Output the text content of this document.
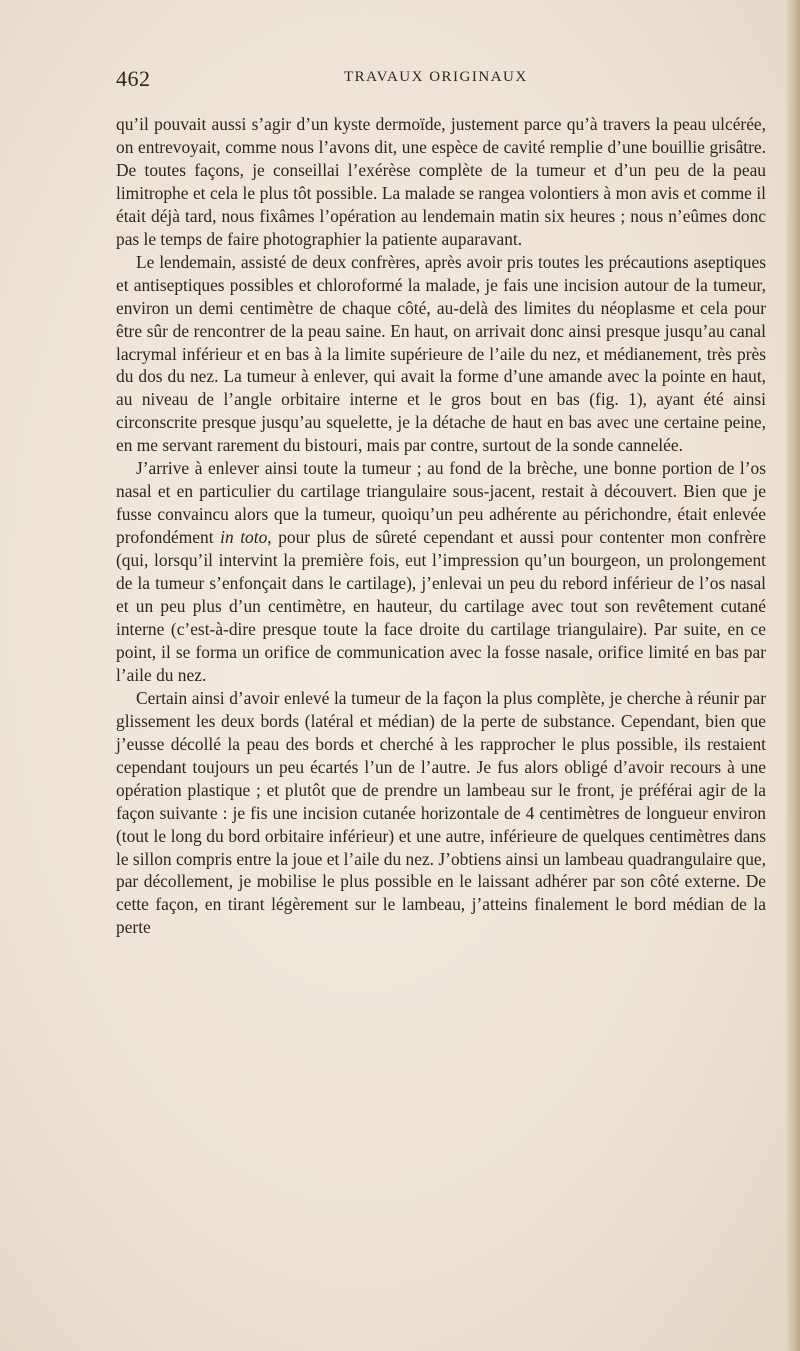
462	TRAVAUX ORIGINAUX

qu’il pouvait aussi s’agir d’un kyste dermoïde, justement parce qu’à travers la peau ulcérée, on entrevoyait, comme nous l’avons dit, une espèce de cavité remplie d’une bouillie grisâtre. De toutes façons, je conseillai l’exérèse complète de la tumeur et d’un peu de la peau limitrophe et cela le plus tôt possible. La malade se rangea volontiers à mon avis et comme il était déjà tard, nous fixâmes l’opération au lendemain matin six heures ; nous n’eûmes donc pas le temps de faire photographier la patiente auparavant.

Le lendemain, assisté de deux confrères, après avoir pris toutes les précautions aseptiques et antiseptiques possibles et chloroformé la malade, je fais une incision autour de la tumeur, environ un demi centimètre de chaque côté, au-delà des limites du néoplasme et cela pour être sûr de rencontrer de la peau saine. En haut, on arrivait donc ainsi presque jusqu’au canal lacrymal inférieur et en bas à la limite supérieure de l’aile du nez, et médianement, très près du dos du nez. La tumeur à enlever, qui avait la forme d’une amande avec la pointe en haut, au niveau de l’angle orbitaire interne et le gros bout en bas (fig. 1), ayant été ainsi circonscrite presque jusqu’au squelette, je la détache de haut en bas avec une certaine peine, en me servant rarement du bistouri, mais par contre, surtout de la sonde cannelée.

J’arrive à enlever ainsi toute la tumeur ; au fond de la brèche, une bonne portion de l’os nasal et en particulier du cartilage triangulaire sous-jacent, restait à découvert. Bien que je fusse convaincu alors que la tumeur, quoiqu’un peu adhérente au périchondre, était enlevée profondément in toto, pour plus de sûreté cependant et aussi pour contenter mon confrère (qui, lorsqu’il intervint la première fois, eut l’impression qu’un bourgeon, un prolongement de la tumeur s’enfonçait dans le cartilage), j’enlevai un peu du rebord inférieur de l’os nasal et un peu plus d’un centimètre, en hauteur, du cartilage avec tout son revêtement cutané interne (c’est-à-dire presque toute la face droite du cartilage triangulaire). Par suite, en ce point, il se forma un orifice de communication avec la fosse nasale, orifice limité en bas par l’aile du nez.

Certain ainsi d’avoir enlevé la tumeur de la façon la plus complète, je cherche à réunir par glissement les deux bords (latéral et médian) de la perte de substance. Cependant, bien que j’eusse décollé la peau des bords et cherché à les rapprocher le plus possible, ils restaient cependant toujours un peu écartés l’un de l’autre. Je fus alors obligé d’avoir recours à une opération plastique ; et plutôt que de prendre un lambeau sur le front, je préférai agir de la façon suivante : je fis une incision cutanée horizontale de 4 centimètres de longueur environ (tout le long du bord orbitaire inférieur) et une autre, inférieure de quelques centimètres dans le sillon compris entre la joue et l’aile du nez. J’obtiens ainsi un lambeau quadrangulaire que, par décollement, je mobilise le plus possible en le laissant adhérer par son côté externe. De cette façon, en tirant légèrement sur le lambeau, j’atteins finalement le bord médian de la perte
